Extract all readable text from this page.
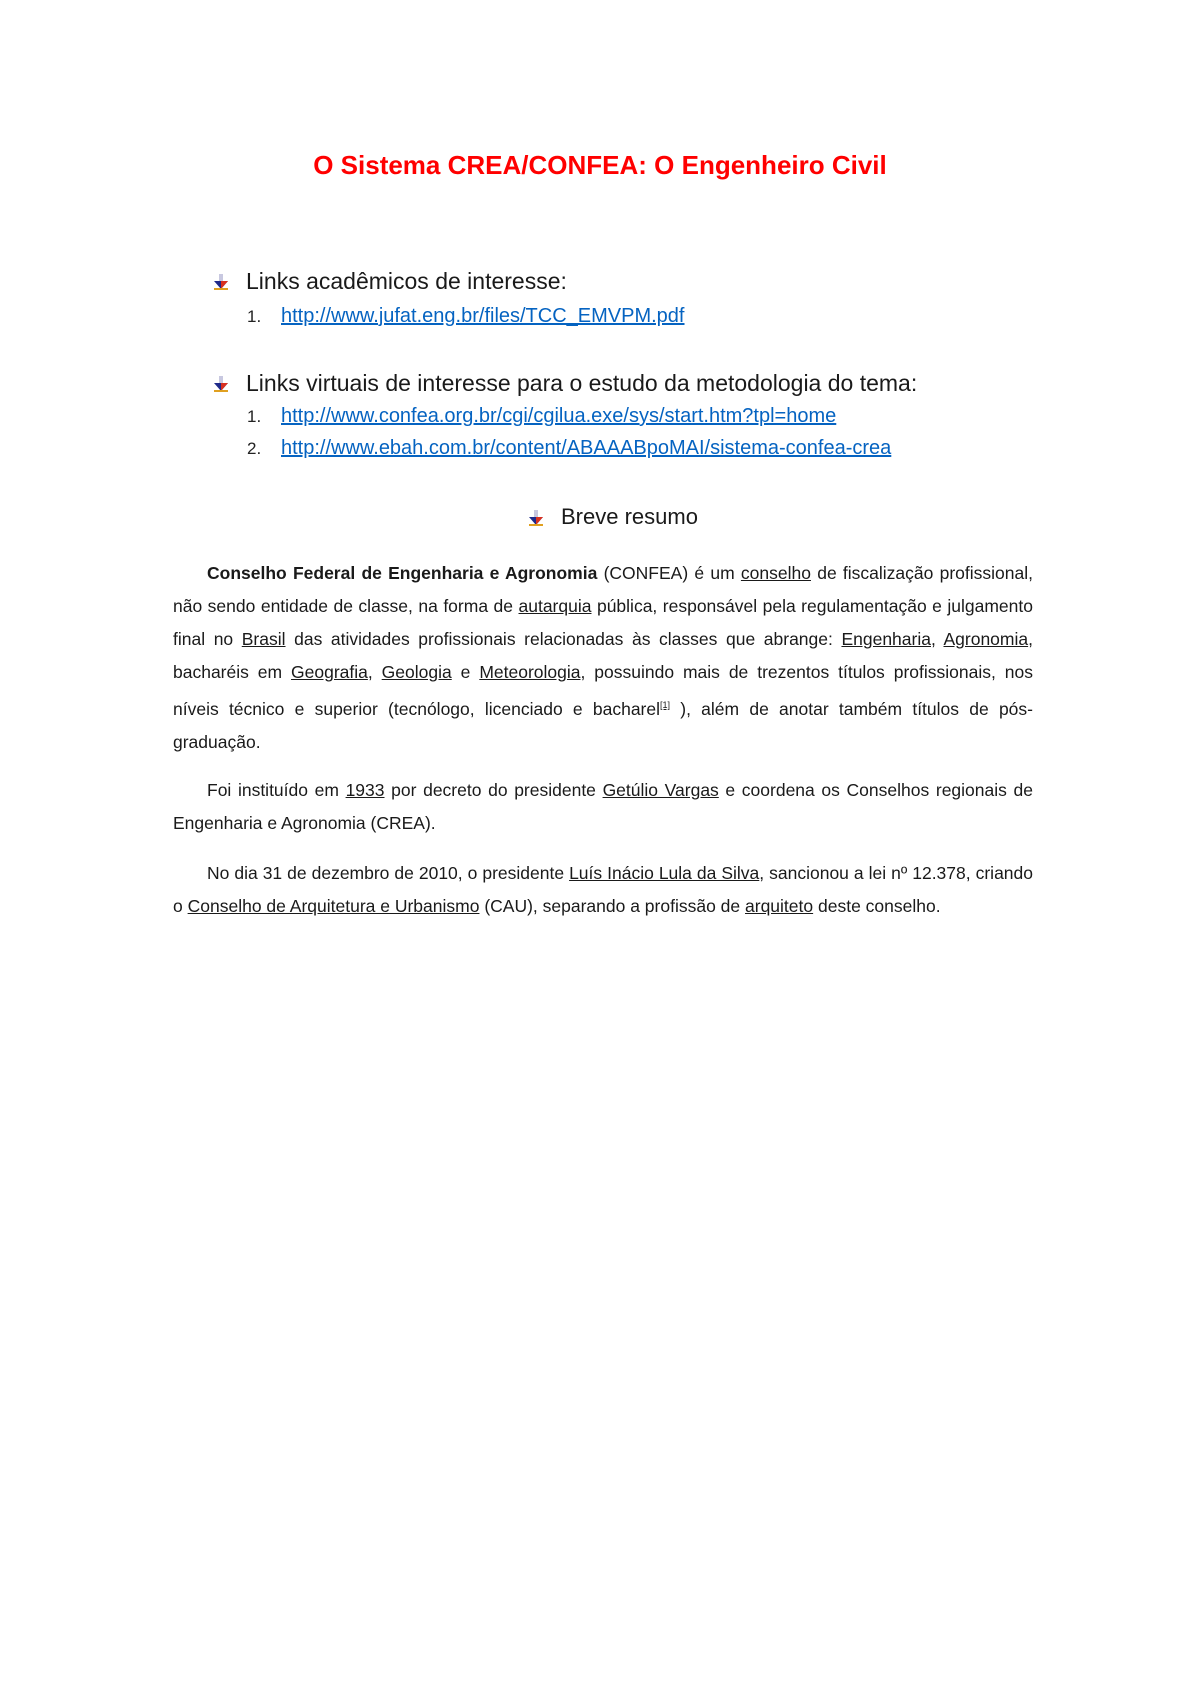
O Sistema CREA/CONFEA: O Engenheiro Civil
Links acadêmicos de interesse:
1. http://www.jufat.eng.br/files/TCC_EMVPM.pdf
Links virtuais de interesse para o estudo da metodologia do tema:
1. http://www.confea.org.br/cgi/cgilua.exe/sys/start.htm?tpl=home
2. http://www.ebah.com.br/content/ABAAABpoMAI/sistema-confea-crea
Breve resumo
Conselho Federal de Engenharia e Agronomia (CONFEA) é um conselho de fiscalização profissional, não sendo entidade de classe, na forma de autarquia pública, responsável pela regulamentação e julgamento final no Brasil das atividades profissionais relacionadas às classes que abrange: Engenharia, Agronomia, bacharéis em Geografia, Geologia e Meteorologia, possuindo mais de trezentos títulos profissionais, nos níveis técnico e superior (tecnólogo, licenciado e bacharel[1] ), além de anotar também títulos de pós-graduação.
Foi instituído em 1933 por decreto do presidente Getúlio Vargas e coordena os Conselhos regionais de Engenharia e Agronomia (CREA).
No dia 31 de dezembro de 2010, o presidente Luís Inácio Lula da Silva, sancionou a lei nº 12.378, criando o Conselho de Arquitetura e Urbanismo (CAU), separando a profissão de arquiteto deste conselho.
